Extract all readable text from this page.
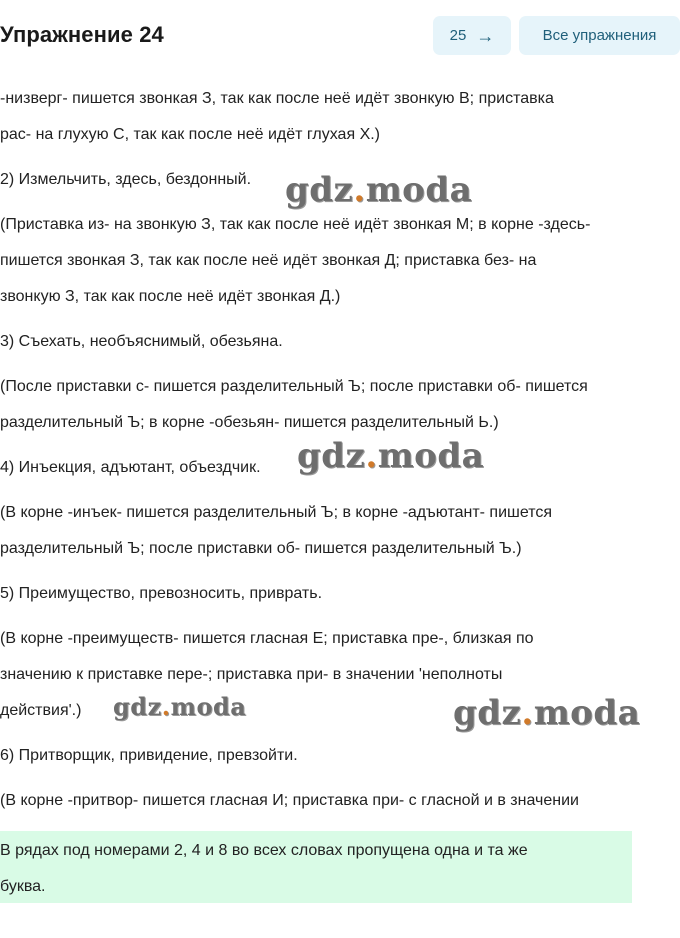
-низверг- пишется звонкая З, так как после неё идёт звонкую В; приставка
рас- на глухую С, так как после неё идёт глухая Х.)
2) Измельчить, здесь, бездонный.
(Приставка из- на звонкую З, так как после неё идёт звонкая М; в корне -здесь-
пишется звонкая З, так как после неё идёт звонкая Д; приставка без- на
звонкую З, так как после неё идёт звонкая Д.)
3) Съехать, необъяснимый, обезьяна.
(После приставки с- пишется разделительный Ъ; после приставки об- пишется
разделительный Ъ; в корне -обезьян- пишется разделительный Ь.)
4) Инъекция, адъютант, объездчик.
(В корне -инъек- пишется разделительный Ъ; в корне -адъютант- пишется
разделительный Ъ; после приставки об- пишется разделительный Ъ.)
5) Преимущество, превозносить, приврать.
(В корне -преимуществ- пишется гласная Е; приставка пре-, близкая по
значению к приставке пере-; приставка при- в значении 'неполноты
действия'.)
6) Притворщик, привидение, превзойти.
(В корне -притвор- пишется гласная И; приставка при- с гласной и в значении
gdz.moda
gdz.moda
gdz.moda	gdz.moda
Упражнение 24	25 →	Все упражнения
В рядах под номерами 2, 4 и 8 во всех словах пропущена одна и та же
буква.
